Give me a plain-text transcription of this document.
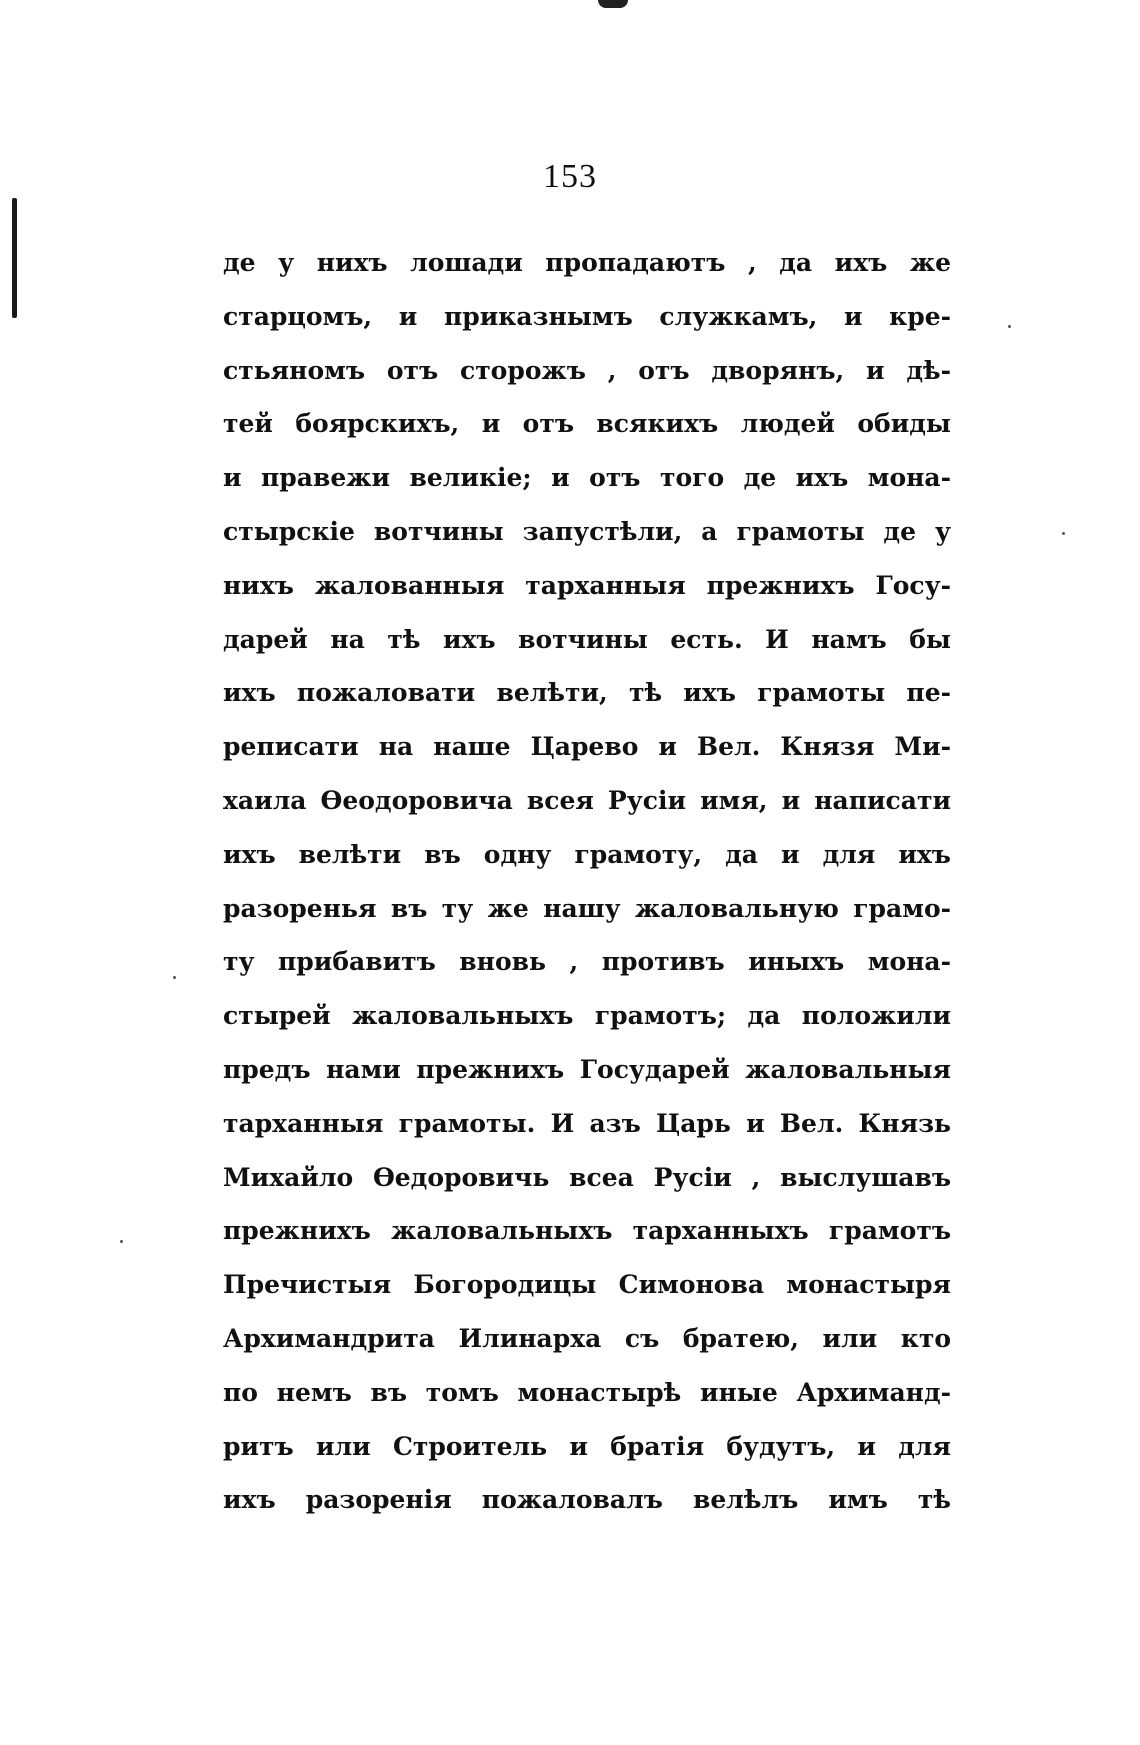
153
де у нихъ лошади пропадаютъ , да ихъ же
старцомъ, и приказнымъ служкамъ, и кре-
стьяномъ отъ сторожъ , отъ дворянъ, и дѣ-
тей боярскихъ, и отъ всякихъ людей обиды
и правежи великіе; и отъ того де ихъ мона-
стырскіе вотчины запустѣли, а грамоты де у
нихъ жалованныя тарханныя прежнихъ Госу-
дарей на тѣ ихъ вотчины есть. И намъ бы
ихъ пожаловати велѣти, тѣ ихъ грамоты пе-
реписати на наше Царево и Вел. Князя Ми-
хаила Ѳеодоровича всея Русіи имя, и написати
ихъ велѣти въ одну грамоту, да и для ихъ
разоренья въ ту же нашу жаловальную грамо-
ту прибавитъ вновь , противъ иныхъ мона-
стырей жаловальныхъ грамотъ; да положили
предъ нами прежнихъ Государей жаловальныя
тарханныя грамоты. И азъ Царь и Вел. Князь
Михайло Ѳедоровичь всеа Русіи , выслушавъ
прежнихъ жаловальныхъ тарханныхъ грамотъ
Пречистыя Богородицы Симонова монастыря
Архимандрита Илинарха съ братею, или кто
по немъ въ томъ монастырѣ иные Архиманд-
ритъ или Строитель и братія будутъ, и для
ихъ разоренія пожаловалъ велѣлъ имъ тѣ
